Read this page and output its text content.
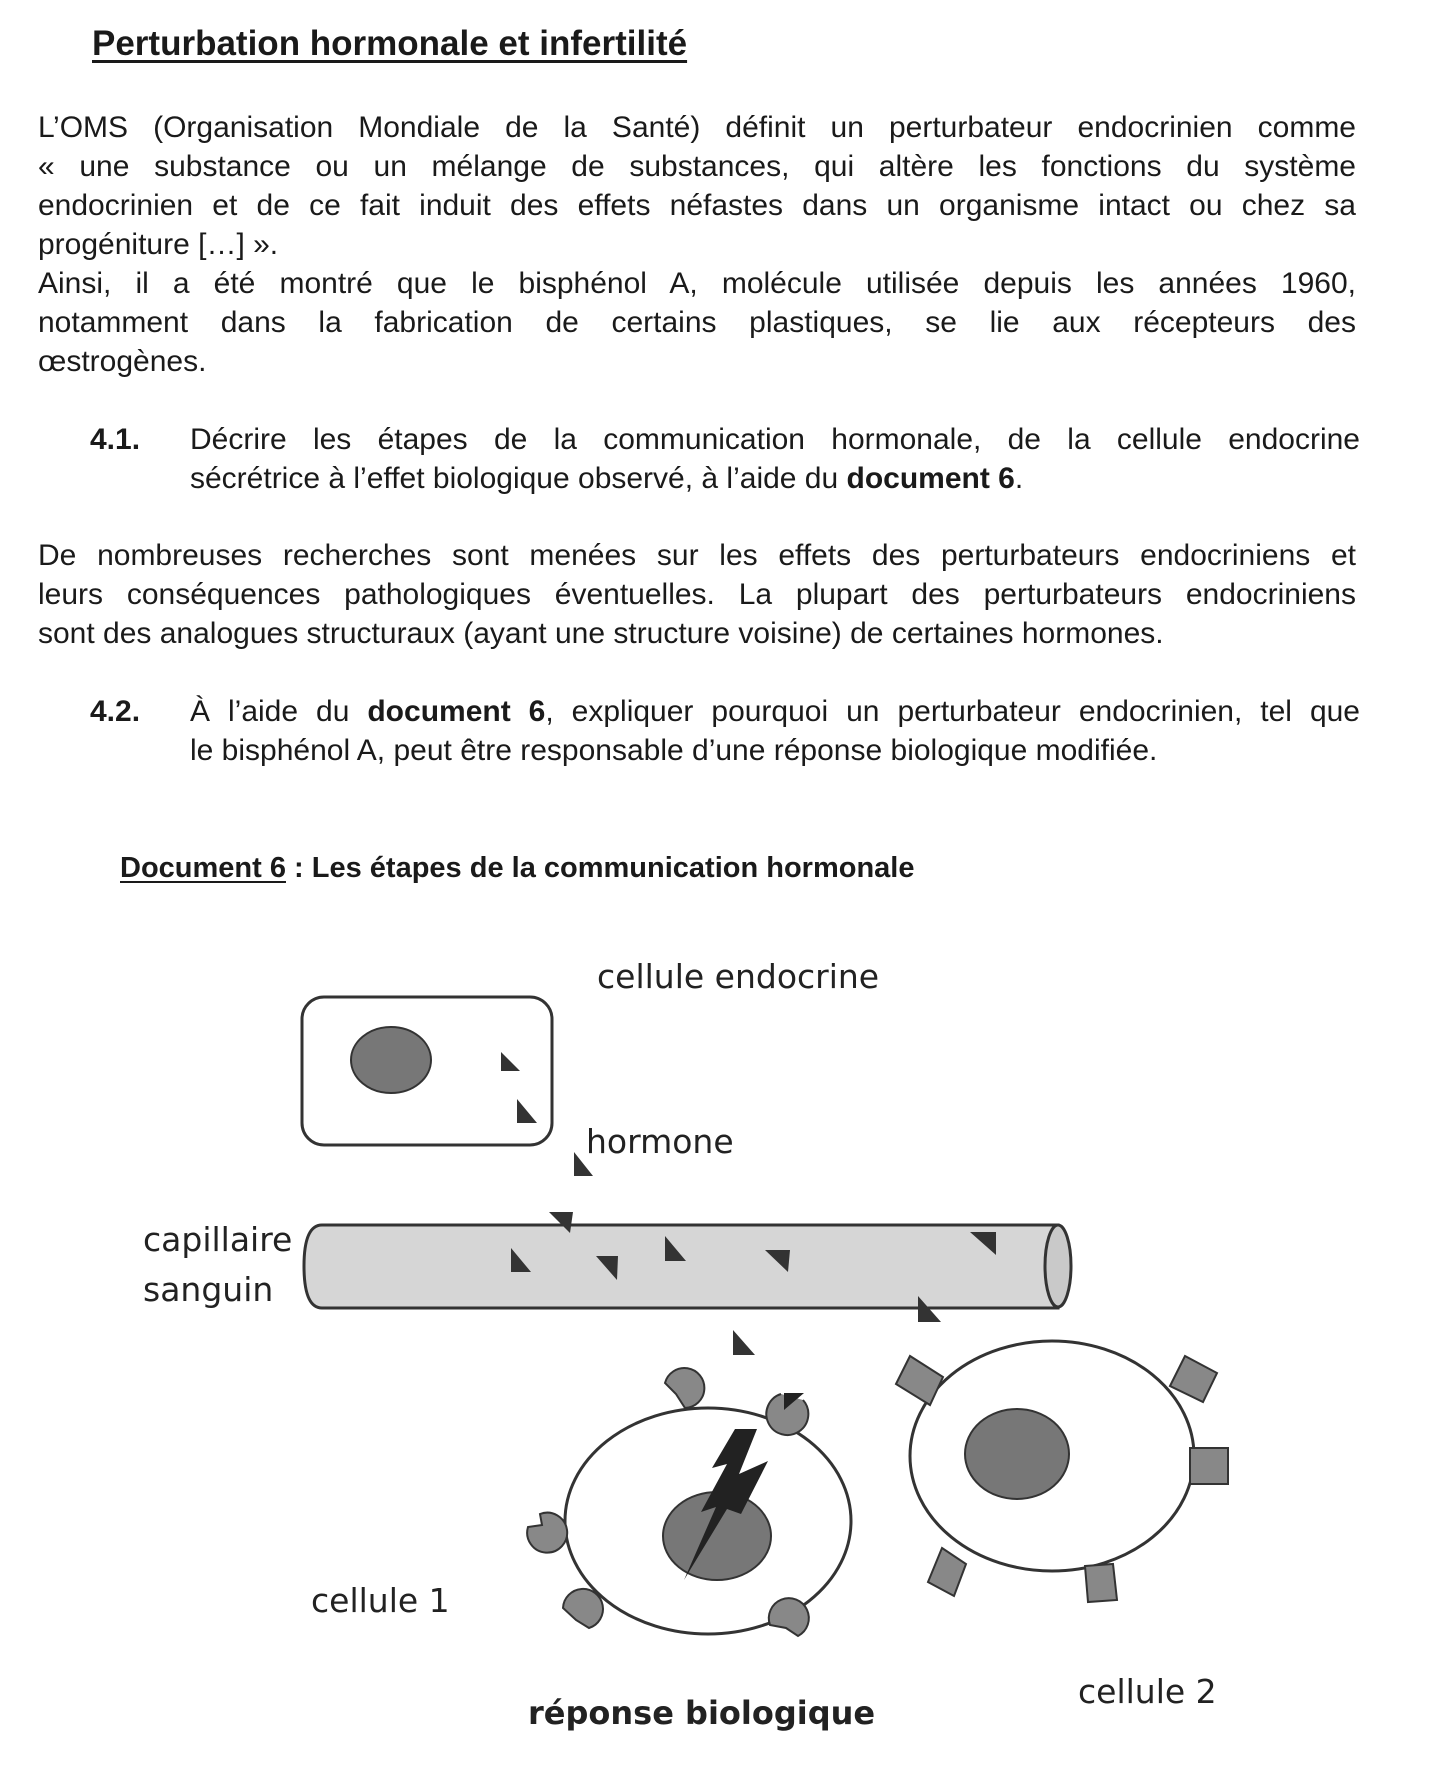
Perturbation hormonale et infertilité
L’OMS (Organisation Mondiale de la Santé) définit un perturbateur endocrinien comme
« une substance ou un mélange de substances, qui altère les fonctions du système
endocrinien et de ce fait induit des effets néfastes dans un organisme intact ou chez sa
progéniture […] ».
Ainsi, il a été montré que le bisphénol A, molécule utilisée depuis les années 1960,
notamment dans la fabrication de certains plastiques, se lie aux récepteurs des
œstrogènes.
4.1. Décrire les étapes de la communication hormonale, de la cellule endocrine
sécrétrice à l’effet biologique observé, à l’aide du document 6.
De nombreuses recherches sont menées sur les effets des perturbateurs endocriniens et
leurs conséquences pathologiques éventuelles. La plupart des perturbateurs endocriniens
sont des analogues structuraux (ayant une structure voisine) de certaines hormones.
4.2. À l’aide du document 6, expliquer pourquoi un perturbateur endocrinien, tel que
le bisphénol A, peut être responsable d’une réponse biologique modifiée.
Document 6 : Les étapes de la communication hormonale
cellule endocrine
hormone
capillaire
sanguin
cellule 1
réponse biologique
cellule 2
